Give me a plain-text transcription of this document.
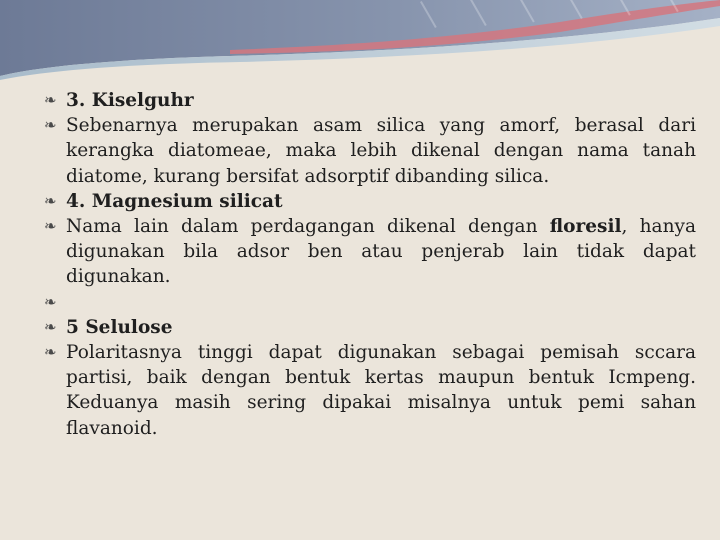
❧ 3. Kiselguhr
❧ Sebenarnya merupakan asam silica yang amorf, berasal dari kerangka diatomeae, maka lebih dikenal dengan nama tanah diatome, kurang bersifat adsorptif dibanding silica.
❧ 4. Magnesium silicat
❧ Nama lain dalam perdagangan dikenal dengan floresil, hanya digunakan bila adsor ben atau penjerab lain tidak dapat digunakan.
❧

❧ 5 Selulose
❧ Polaritasnya tinggi dapat digunakan sebagai pemisah sccara partisi, baik dengan bentuk kertas maupun bentuk Icmpeng. Keduanya masih sering dipakai misalnya untuk pemi sahan flavanoid.
